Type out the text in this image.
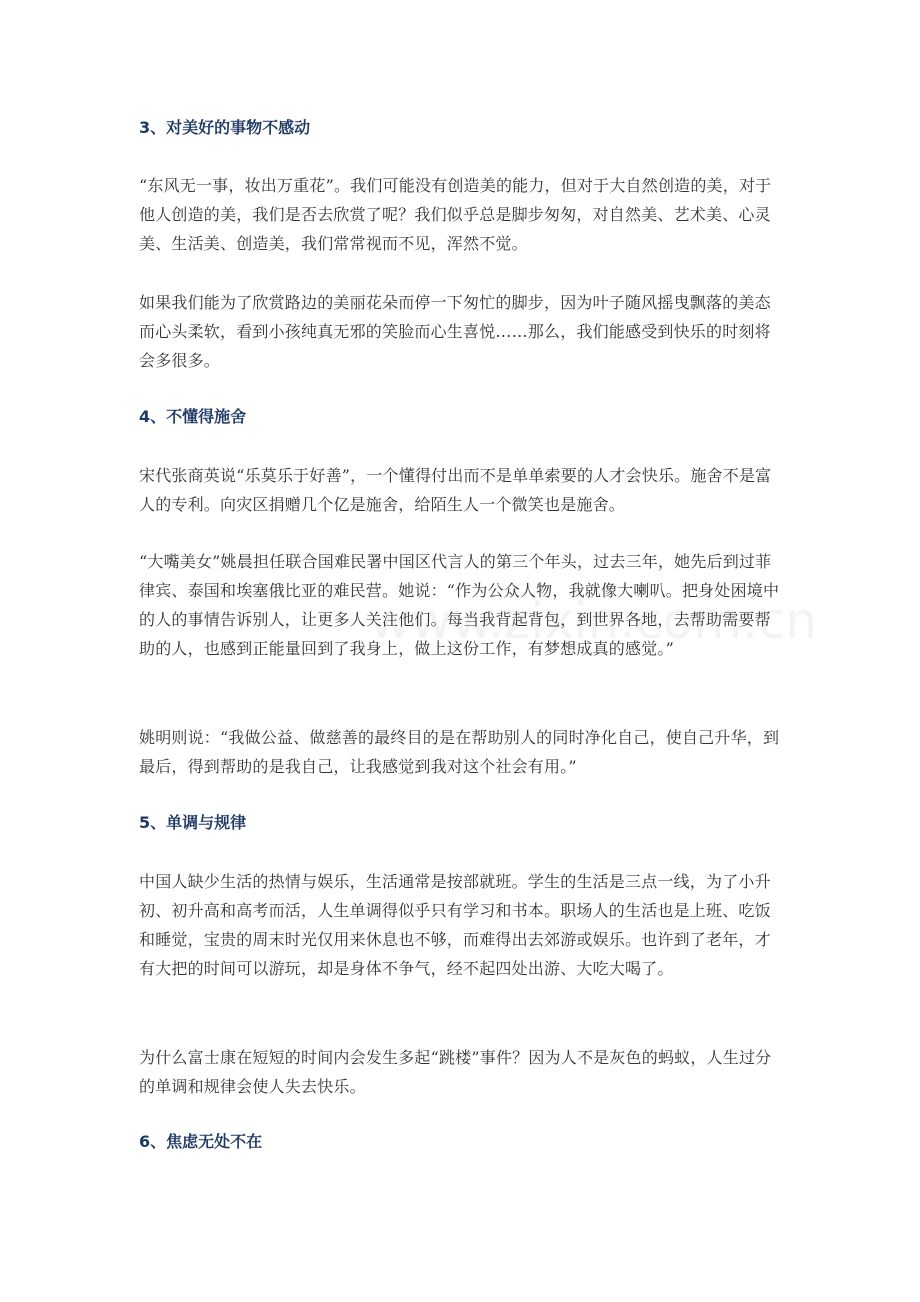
3、对美好的事物不感动

“东风无一事，妆出万重花”。我们可能没有创造美的能力，但对于大自然创造的美，对于他人创造的美，我们是否去欣赏了呢？我们似乎总是脚步匆匆，对自然美、艺术美、心灵美、生活美、创造美，我们常常视而不见，浑然不觉。

如果我们能为了欣赏路边的美丽花朵而停一下匆忙的脚步，因为叶子随风摇曳飘落的美态而心头柔软，看到小孩纯真无邪的笑脸而心生喜悦……那么，我们能感受到快乐的时刻将会多很多。

4、不懂得施舍

宋代张商英说“乐莫乐于好善”，一个懂得付出而不是单单索要的人才会快乐。施舍不是富人的专利。向灾区捐赠几个亿是施舍，给陌生人一个微笑也是施舍。

“大嘴美女”姚晨担任联合国难民署中国区代言人的第三个年头，过去三年，她先后到过菲律宾、泰国和埃塞俄比亚的难民营。她说：“作为公众人物，我就像大喇叭。把身处困境中的人的事情告诉别人，让更多人关注他们。每当我背起背包，到世界各地，去帮助需要帮助的人，也感到正能量回到了我身上，做上这份工作，有梦想成真的感觉。”

姚明则说：“我做公益、做慈善的最终目的是在帮助别人的同时净化自己，使自己升华，到最后，得到帮助的是我自己，让我感觉到我对这个社会有用。”

5、单调与规律

中国人缺少生活的热情与娱乐，生活通常是按部就班。学生的生活是三点一线，为了小升初、初升高和高考而活，人生单调得似乎只有学习和书本。职场人的生活也是上班、吃饭和睡觉，宝贵的周末时光仅用来休息也不够，而难得出去郊游或娱乐。也许到了老年，才有大把的时间可以游玩，却是身体不争气，经不起四处出游、大吃大喝了。

为什么富士康在短短的时间内会发生多起“跳楼”事件？因为人不是灰色的蚂蚁，人生过分的单调和规律会使人失去快乐。

6、焦虑无处不在
